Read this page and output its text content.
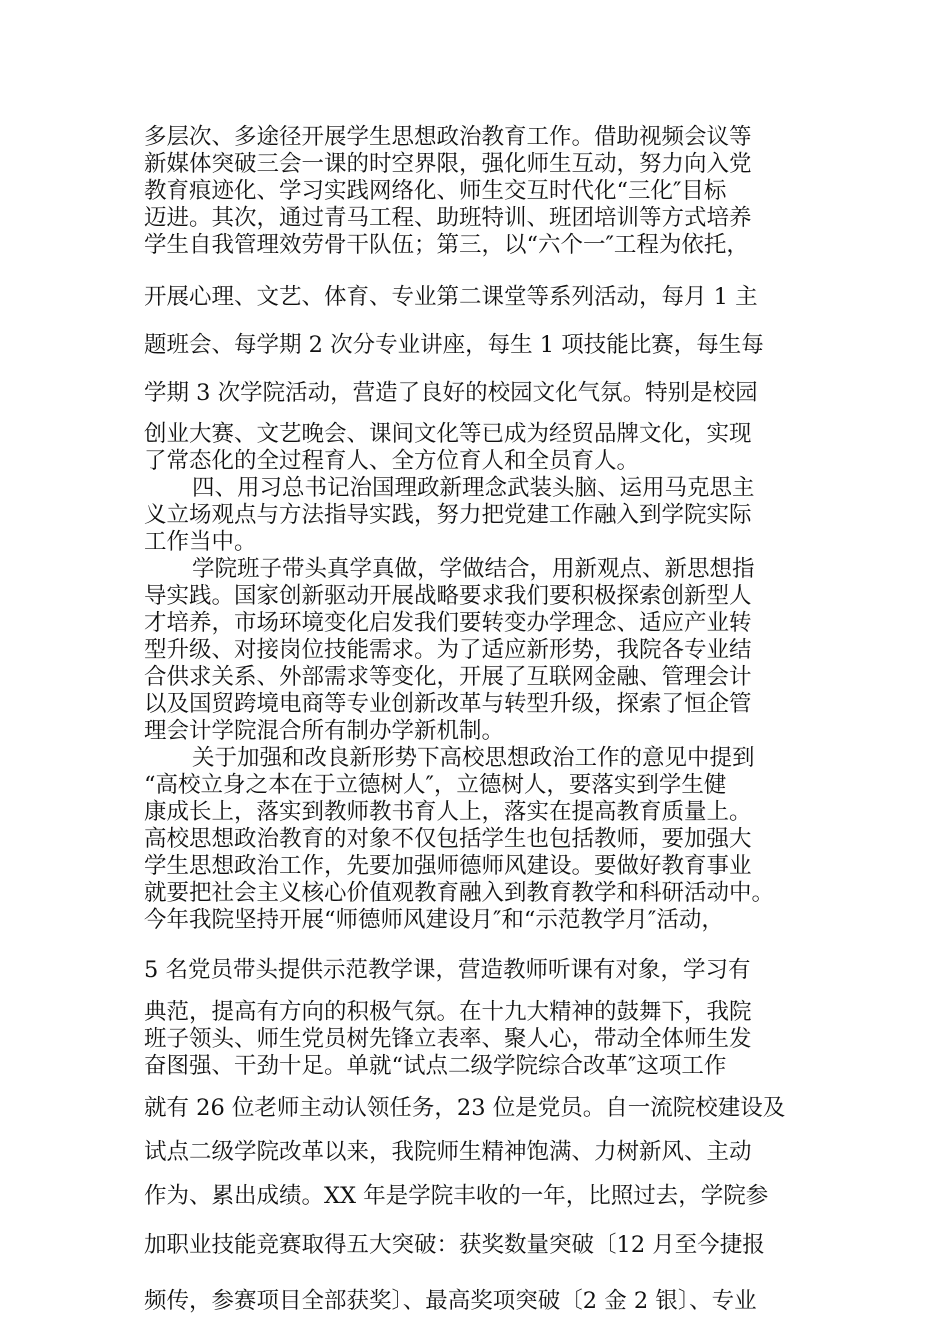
多层次、多途径开展学生思想政治教育工作。借助视频会议等
新媒体突破三会一课的时空界限，强化师生互动，努力向入党
教育痕迹化、学习实践网络化、师生交互时代化“三化″目标
迈进。其次，通过青马工程、助班特训、班团培训等方式培养
学生自我管理效劳骨干队伍；第三，以“六个一″工程为依托，
开展心理、文艺、体育、专业第二课堂等系列活动，每月 1 主
题班会、每学期 2 次分专业讲座，每生 1 项技能比赛，每生每
学期 3 次学院活动，营造了良好的校园文化气氛。特别是校园
创业大赛、文艺晚会、课间文化等已成为经贸品牌文化，实现
了常态化的全过程育人、全方位育人和全员育人。
四、用习总书记治国理政新理念武装头脑、运用马克思主
义立场观点与方法指导实践，努力把党建工作融入到学院实际
工作当中。
学院班子带头真学真做，学做结合，用新观点、新思想指
导实践。国家创新驱动开展战略要求我们要积极探索创新型人
才培养，市场环境变化启发我们要转变办学理念、适应产业转
型升级、对接岗位技能需求。为了适应新形势，我院各专业结
合供求关系、外部需求等变化，开展了互联网金融、管理会计
以及国贸跨境电商等专业创新改革与转型升级，探索了恒企管
理会计学院混合所有制办学新机制。
关于加强和改良新形势下高校思想政治工作的意见中提到
“高校立身之本在于立德树人″，立德树人，要落实到学生健
康成长上，落实到教师教书育人上，落实在提高教育质量上。
高校思想政治教育的对象不仅包括学生也包括教师，要加强大
学生思想政治工作，先要加强师德师风建设。要做好教育事业
就要把社会主义核心价值观教育融入到教育教学和科研活动中。
今年我院坚持开展“师德师风建设月″和“示范教学月″活动，
5 名党员带头提供示范教学课，营造教师听课有对象，学习有
典范，提高有方向的积极气氛。在十九大精神的鼓舞下，我院
班子领头、师生党员树先锋立表率、聚人心，带动全体师生发
奋图强、干劲十足。单就“试点二级学院综合改革″这项工作
就有 26 位老师主动认领任务，23 位是党员。自一流院校建设及
试点二级学院改革以来，我院师生精神饱满、力树新风、主动
作为、累出成绩。XX 年是学院丰收的一年，比照过去，学院参
加职业技能竞赛取得五大突破：获奖数量突破〔12 月至今捷报
频传，参赛项目全部获奖〕、最高奖项突破〔2 金 2 银〕、专业
